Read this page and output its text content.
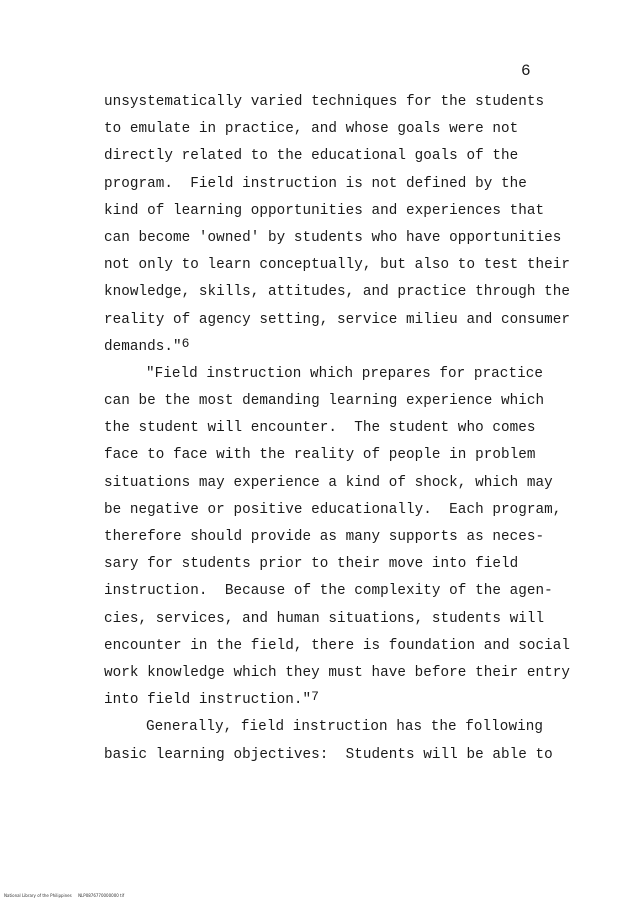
6
unsystematically varied techniques for the students
to emulate in practice, and whose goals were not
directly related to the educational goals of the
program.  Field instruction is not defined by the
kind of learning opportunities and experiences that
can become 'owned' by students who have opportunities
not only to learn conceptually, but also to test their
knowledge, skills, attitudes, and practice through the
reality of agency setting, service milieu and consumer
demands."$^6$
"Field instruction which prepares for practice
can be the most demanding learning experience which
the student will encounter.  The student who comes
face to face with the reality of people in problem
situations may experience a kind of shock, which may
be negative or positive educationally.  Each program,
therefore should provide as many supports as neces-
sary for students prior to their move into field
instruction.  Because of the complexity of the agen-
cies, services, and human situations, students will
encounter in the field, there is foundation and social
work knowledge which they must have before their entry
into field instruction."$^7$
Generally, field instruction has the following
basic learning objectives:  Students will be able to
National Library of the Philippines     NLP0876770000000 tif
